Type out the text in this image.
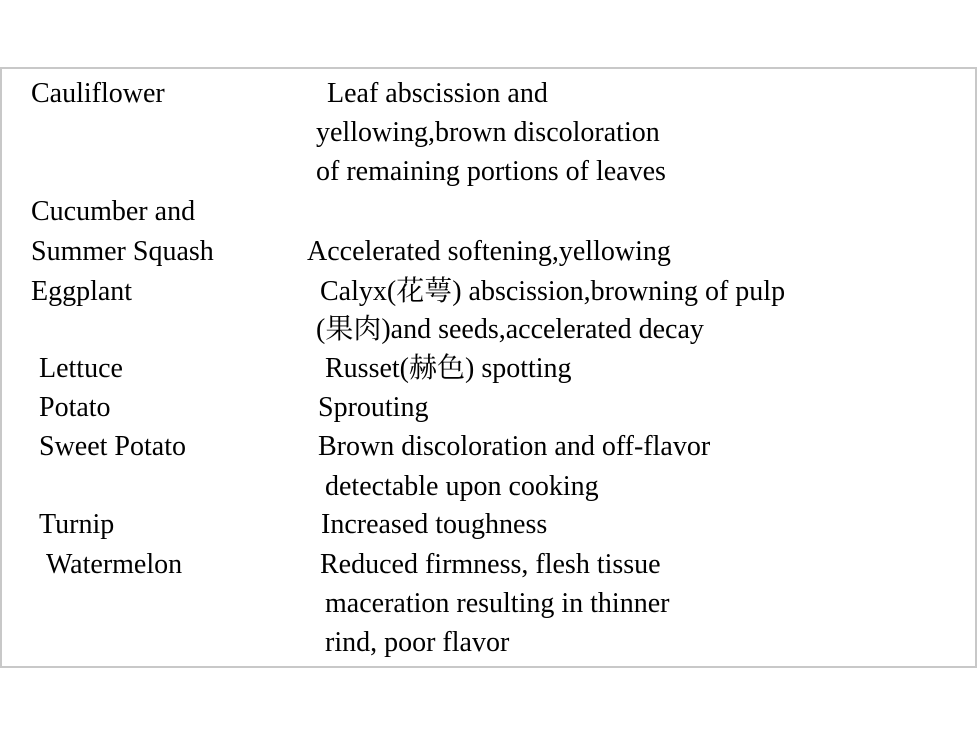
Cauliflower	Leaf abscission and
yellowing,brown discoloration
of remaining portions of leaves
Cucumber and
Summer Squash	Accelerated softening,yellowing
Eggplant	Calyx(花萼) abscission,browning of pulp
(果肉)and seeds,accelerated decay
Lettuce	Russet(赫色) spotting
Potato	Sprouting
Sweet Potato	Brown discoloration and off-flavor
detectable upon cooking
Turnip	Increased toughness
Watermelon	Reduced firmness, flesh tissue
maceration resulting in thinner
rind, poor flavor
